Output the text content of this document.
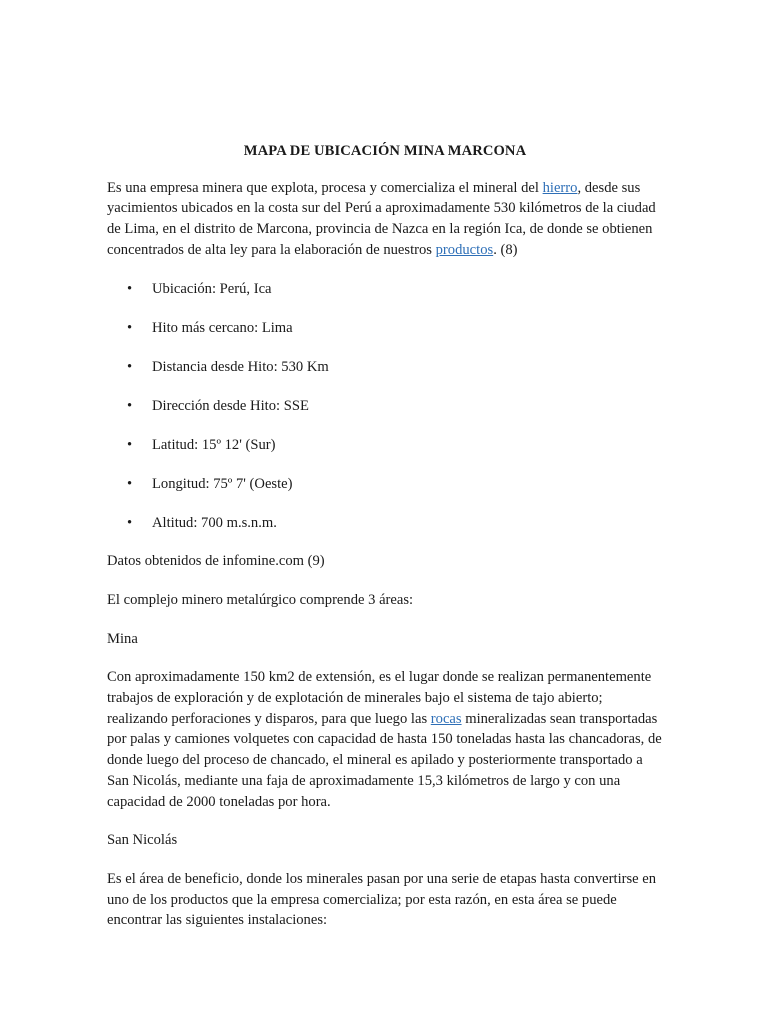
MAPA DE UBICACIÓN MINA MARCONA

Es una empresa minera que explota, procesa y comercializa el mineral del hierro, desde sus yacimientos ubicados en la costa sur del Perú a aproximadamente 530 kilómetros de la ciudad de Lima, en el distrito de Marcona, provincia de Nazca en la región Ica, de donde se obtienen concentrados de alta ley para la elaboración de nuestros productos. (8)

•	Ubicación: Perú, Ica
•	Hito más cercano: Lima
•	Distancia desde Hito: 530 Km
•	Dirección desde Hito: SSE
•	Latitud: 15º 12' (Sur)
•	Longitud: 75º 7' (Oeste)
•	Altitud: 700 m.s.n.m.

Datos obtenidos de infomine.com (9)

El complejo minero metalúrgico comprende 3 áreas:

Mina

Con aproximadamente 150 km2 de extensión, es el lugar donde se realizan permanentemente trabajos de exploración y de explotación de minerales bajo el sistema de tajo abierto; realizando perforaciones y disparos, para que luego las rocas mineralizadas sean transportadas por palas y camiones volquetes con capacidad de hasta 150 toneladas hasta las chancadoras, de donde luego del proceso de chancado, el mineral es apilado y posteriormente transportado a San Nicolás, mediante una faja de aproximadamente 15,3 kilómetros de largo y con una capacidad de 2000 toneladas por hora.

San Nicolás

Es el área de beneficio, donde los minerales pasan por una serie de etapas hasta convertirse en uno de los productos que la empresa comercializa; por esta razón, en esta área se puede encontrar las siguientes instalaciones:
